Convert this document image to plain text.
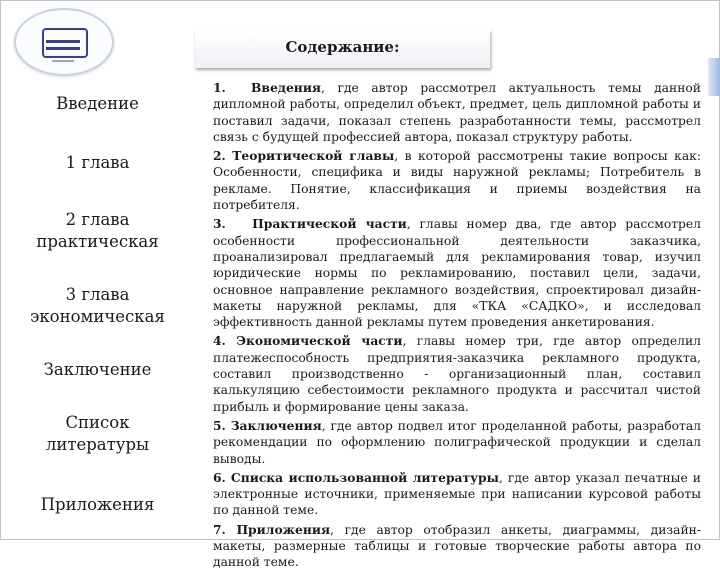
Содержание:
Введение
1 глава
2 глава
практическая
3 глава
экономическая
Заключение
Список
литературы
Приложения

1. Введения, где автор рассмотрел актуальность темы данной дипломной работы, определил объект, предмет, цель дипломной работы и поставил задачи, показал степень разработанности темы, рассмотрел связь с будущей профессией автора, показал структуру работы.

2. Теоритической главы, в которой рассмотрены такие вопросы как: Особенности, специфика и виды наружной рекламы; Потребитель в рекламе. Понятие, классификация и приемы воздействия на потребителя.

3. Практической части, главы номер два, где автор рассмотрел особенности профессиональной деятельности заказчика, проанализировал предлагаемый для рекламирования товар, изучил юридические нормы по рекламированию, поставил цели, задачи, основное направление рекламного воздействия, спроектировал дизайн-макеты наружной рекламы, для «ТКА «САДКО», и исследовал эффективность данной рекламы путем проведения анкетирования.

4. Экономической части, главы номер три, где автор определил платежеспособность предприятия-заказчика рекламного продукта, составил производственно - организационный план, составил калькуляцию себестоимости рекламного продукта и рассчитал чистой прибыль и формирование цены заказа.

5. Заключения, где автор подвел итог проделанной работы, разработал рекомендации по оформлению полиграфической продукции и сделал выводы.

6. Списка использованной литературы, где автор указал печатные и электронные источники, применяемые при написании курсовой работы по данной теме.

7. Приложения, где автор отобразил анкеты, диаграммы, дизайн-макеты, размерные таблицы и готовые творческие работы автора по данной теме.
